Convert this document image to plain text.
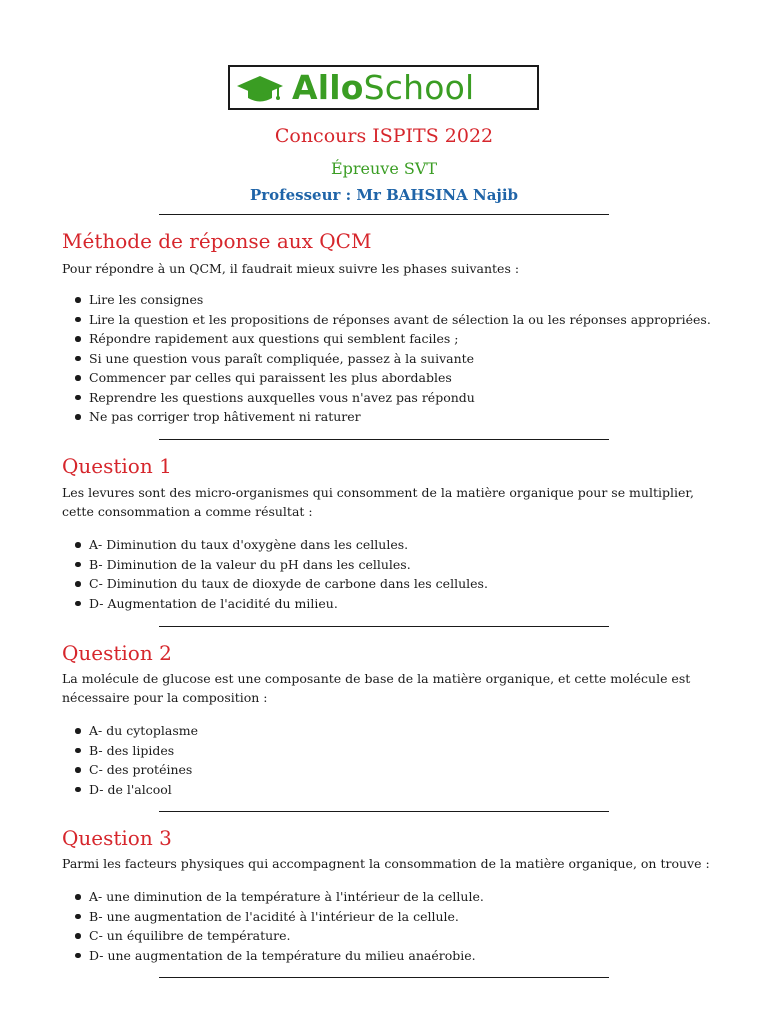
AlloSchool
Concours ISPITS 2022
Épreuve SVT
Professeur : Mr BAHSINA Najib
Méthode de réponse aux QCM
Pour répondre à un QCM, il faudrait mieux suivre les phases suivantes :
Lire les consignes
Lire la question et les propositions de réponses avant de sélection la ou les réponses appropriées.
Répondre rapidement aux questions qui semblent faciles ;
Si une question vous paraît compliquée, passez à la suivante
Commencer par celles qui paraissent les plus abordables
Reprendre les questions auxquelles vous n'avez pas répondu
Ne pas corriger trop hâtivement ni raturer
Question 1
Les levures sont des micro-organismes qui consomment de la matière organique pour se multiplier,
cette consommation a comme résultat :
A- Diminution du taux d'oxygène dans les cellules.
B- Diminution de la valeur du pH dans les cellules.
C- Diminution du taux de dioxyde de carbone dans les cellules.
D- Augmentation de l'acidité du milieu.
Question 2
La molécule de glucose est une composante de base de la matière organique, et cette molécule est
nécessaire pour la composition :
A- du cytoplasme
B- des lipides
C- des protéines
D- de l'alcool
Question 3
Parmi les facteurs physiques qui accompagnent la consommation de la matière organique, on trouve :
A- une diminution de la température à l'intérieur de la cellule.
B- une augmentation de l'acidité à l'intérieur de la cellule.
C- un équilibre de température.
D- une augmentation de la température du milieu anaérobie.
